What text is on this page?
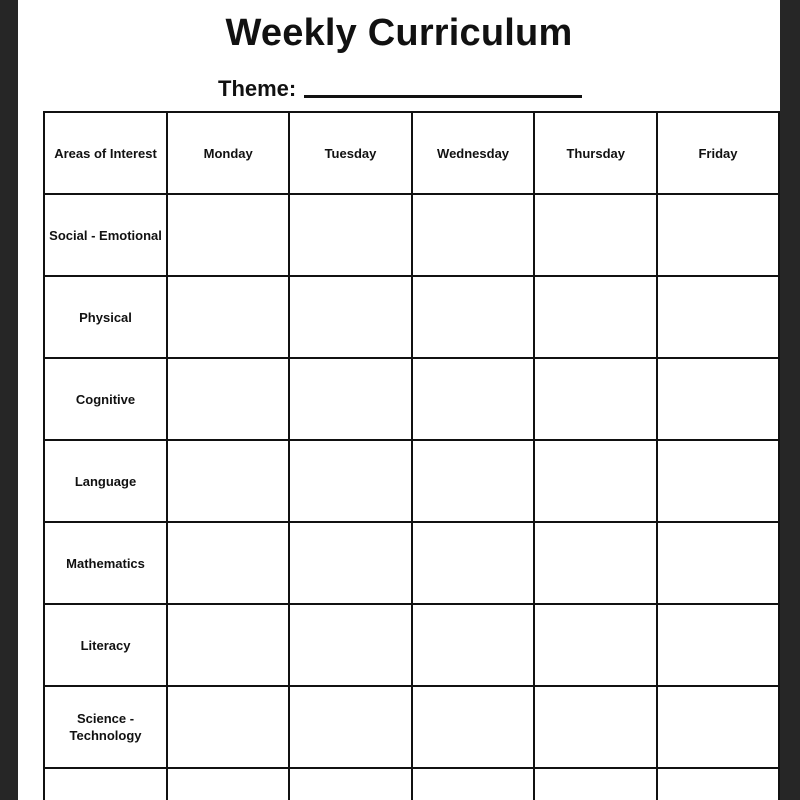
Weekly Curriculum
Theme:
Areas of Interest	Monday	Tuesday	Wednesday	Thursday	Friday
Social - Emotional					
Physical					
Cognitive					
Language					
Mathematics					
Literacy					
Science - Technology					
